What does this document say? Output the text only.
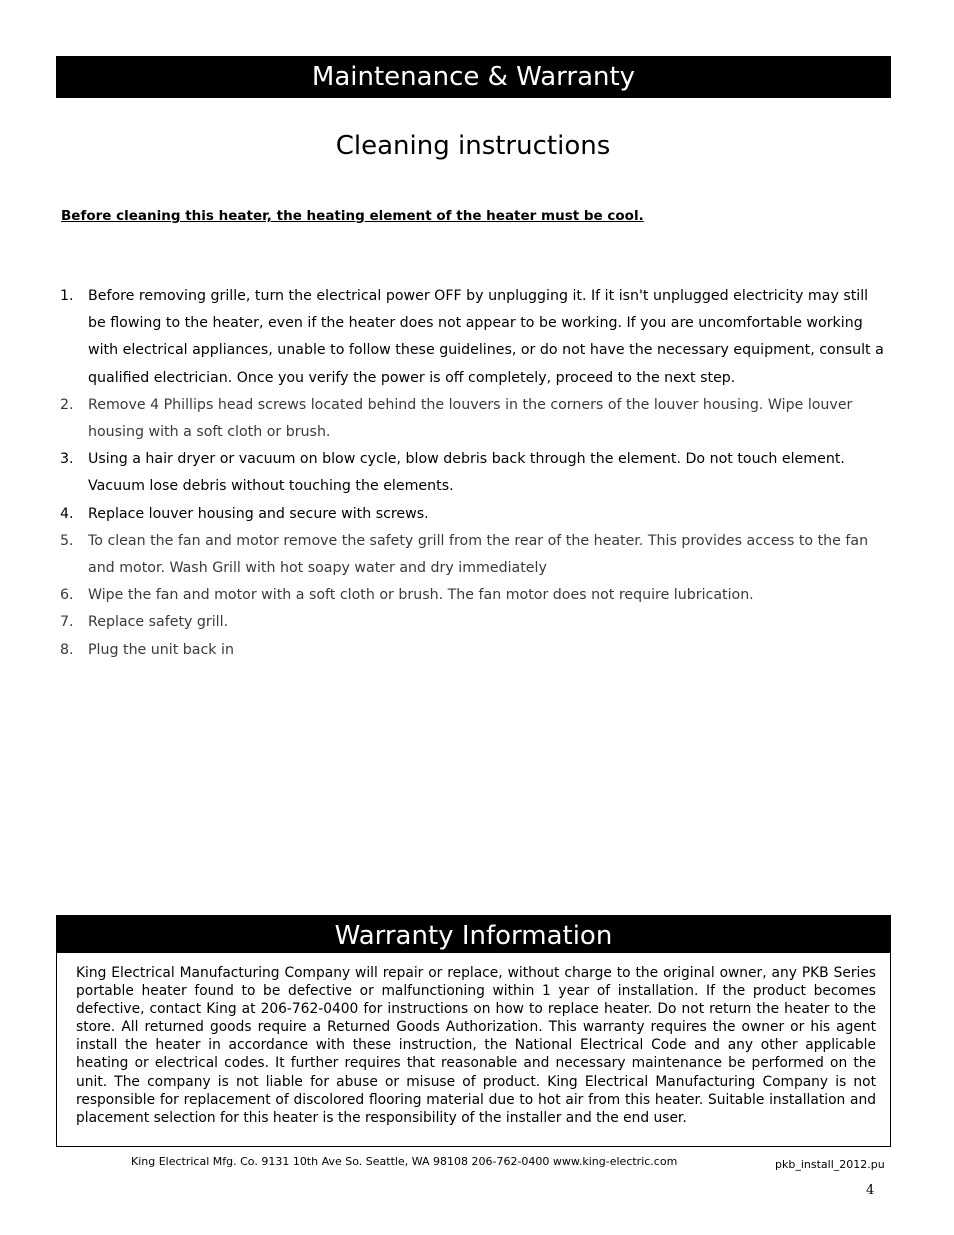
Maintenance & Warranty
Cleaning instructions
Before cleaning this heater, the heating element of the heater must be cool.
1. Before removing grille, turn the electrical power OFF by unplugging it. If it isn't unplugged electricity may still be flowing to the heater, even if the heater does not appear to be working. If you are uncomfortable working with electrical appliances, unable to follow these guidelines, or do not have the necessary equipment, consult a qualified electrician. Once you verify the power is off completely, proceed to the next step.
2. Remove 4 Phillips head screws located behind the louvers in the corners of the louver housing. Wipe louver housing with a soft cloth or brush.
3. Using a hair dryer or vacuum on blow cycle, blow debris back through the element. Do not touch element. Vacuum lose debris without touching the elements.
4. Replace louver housing and secure with screws.
5. To clean the fan and motor remove the safety grill from the rear of the heater. This provides access to the fan and motor. Wash Grill with hot soapy water and dry immediately
6. Wipe the fan and motor with a soft cloth or brush. The fan motor does not require lubrication.
7. Replace safety grill.
8. Plug the unit back in
Warranty Information

King Electrical Manufacturing Company will repair or replace, without charge to the original owner, any PKB Series portable heater found to be defective or malfunctioning within 1 year of installation. If the product becomes defective, contact King at 206-762-0400 for instructions on how to replace heater. Do not return the heater to the store. All returned goods require a Returned Goods Authorization. This warranty requires the owner or his agent install the heater in accordance with these instruction, the National Electrical Code and any other applicable heating or electrical codes. It further requires that reasonable and necessary maintenance be performed on the unit. The company is not liable for abuse or misuse of product. King Electrical Manufacturing Company is not responsible for replacement of discolored flooring material due to hot air from this heater. Suitable installation and placement selection for this heater is the responsibility of the installer and the end user.

King Electrical Mfg. Co. 9131 10th Ave So. Seattle, WA 98108 206-762-0400 www.king-electric.com	pkb_install_2012.pu
4
